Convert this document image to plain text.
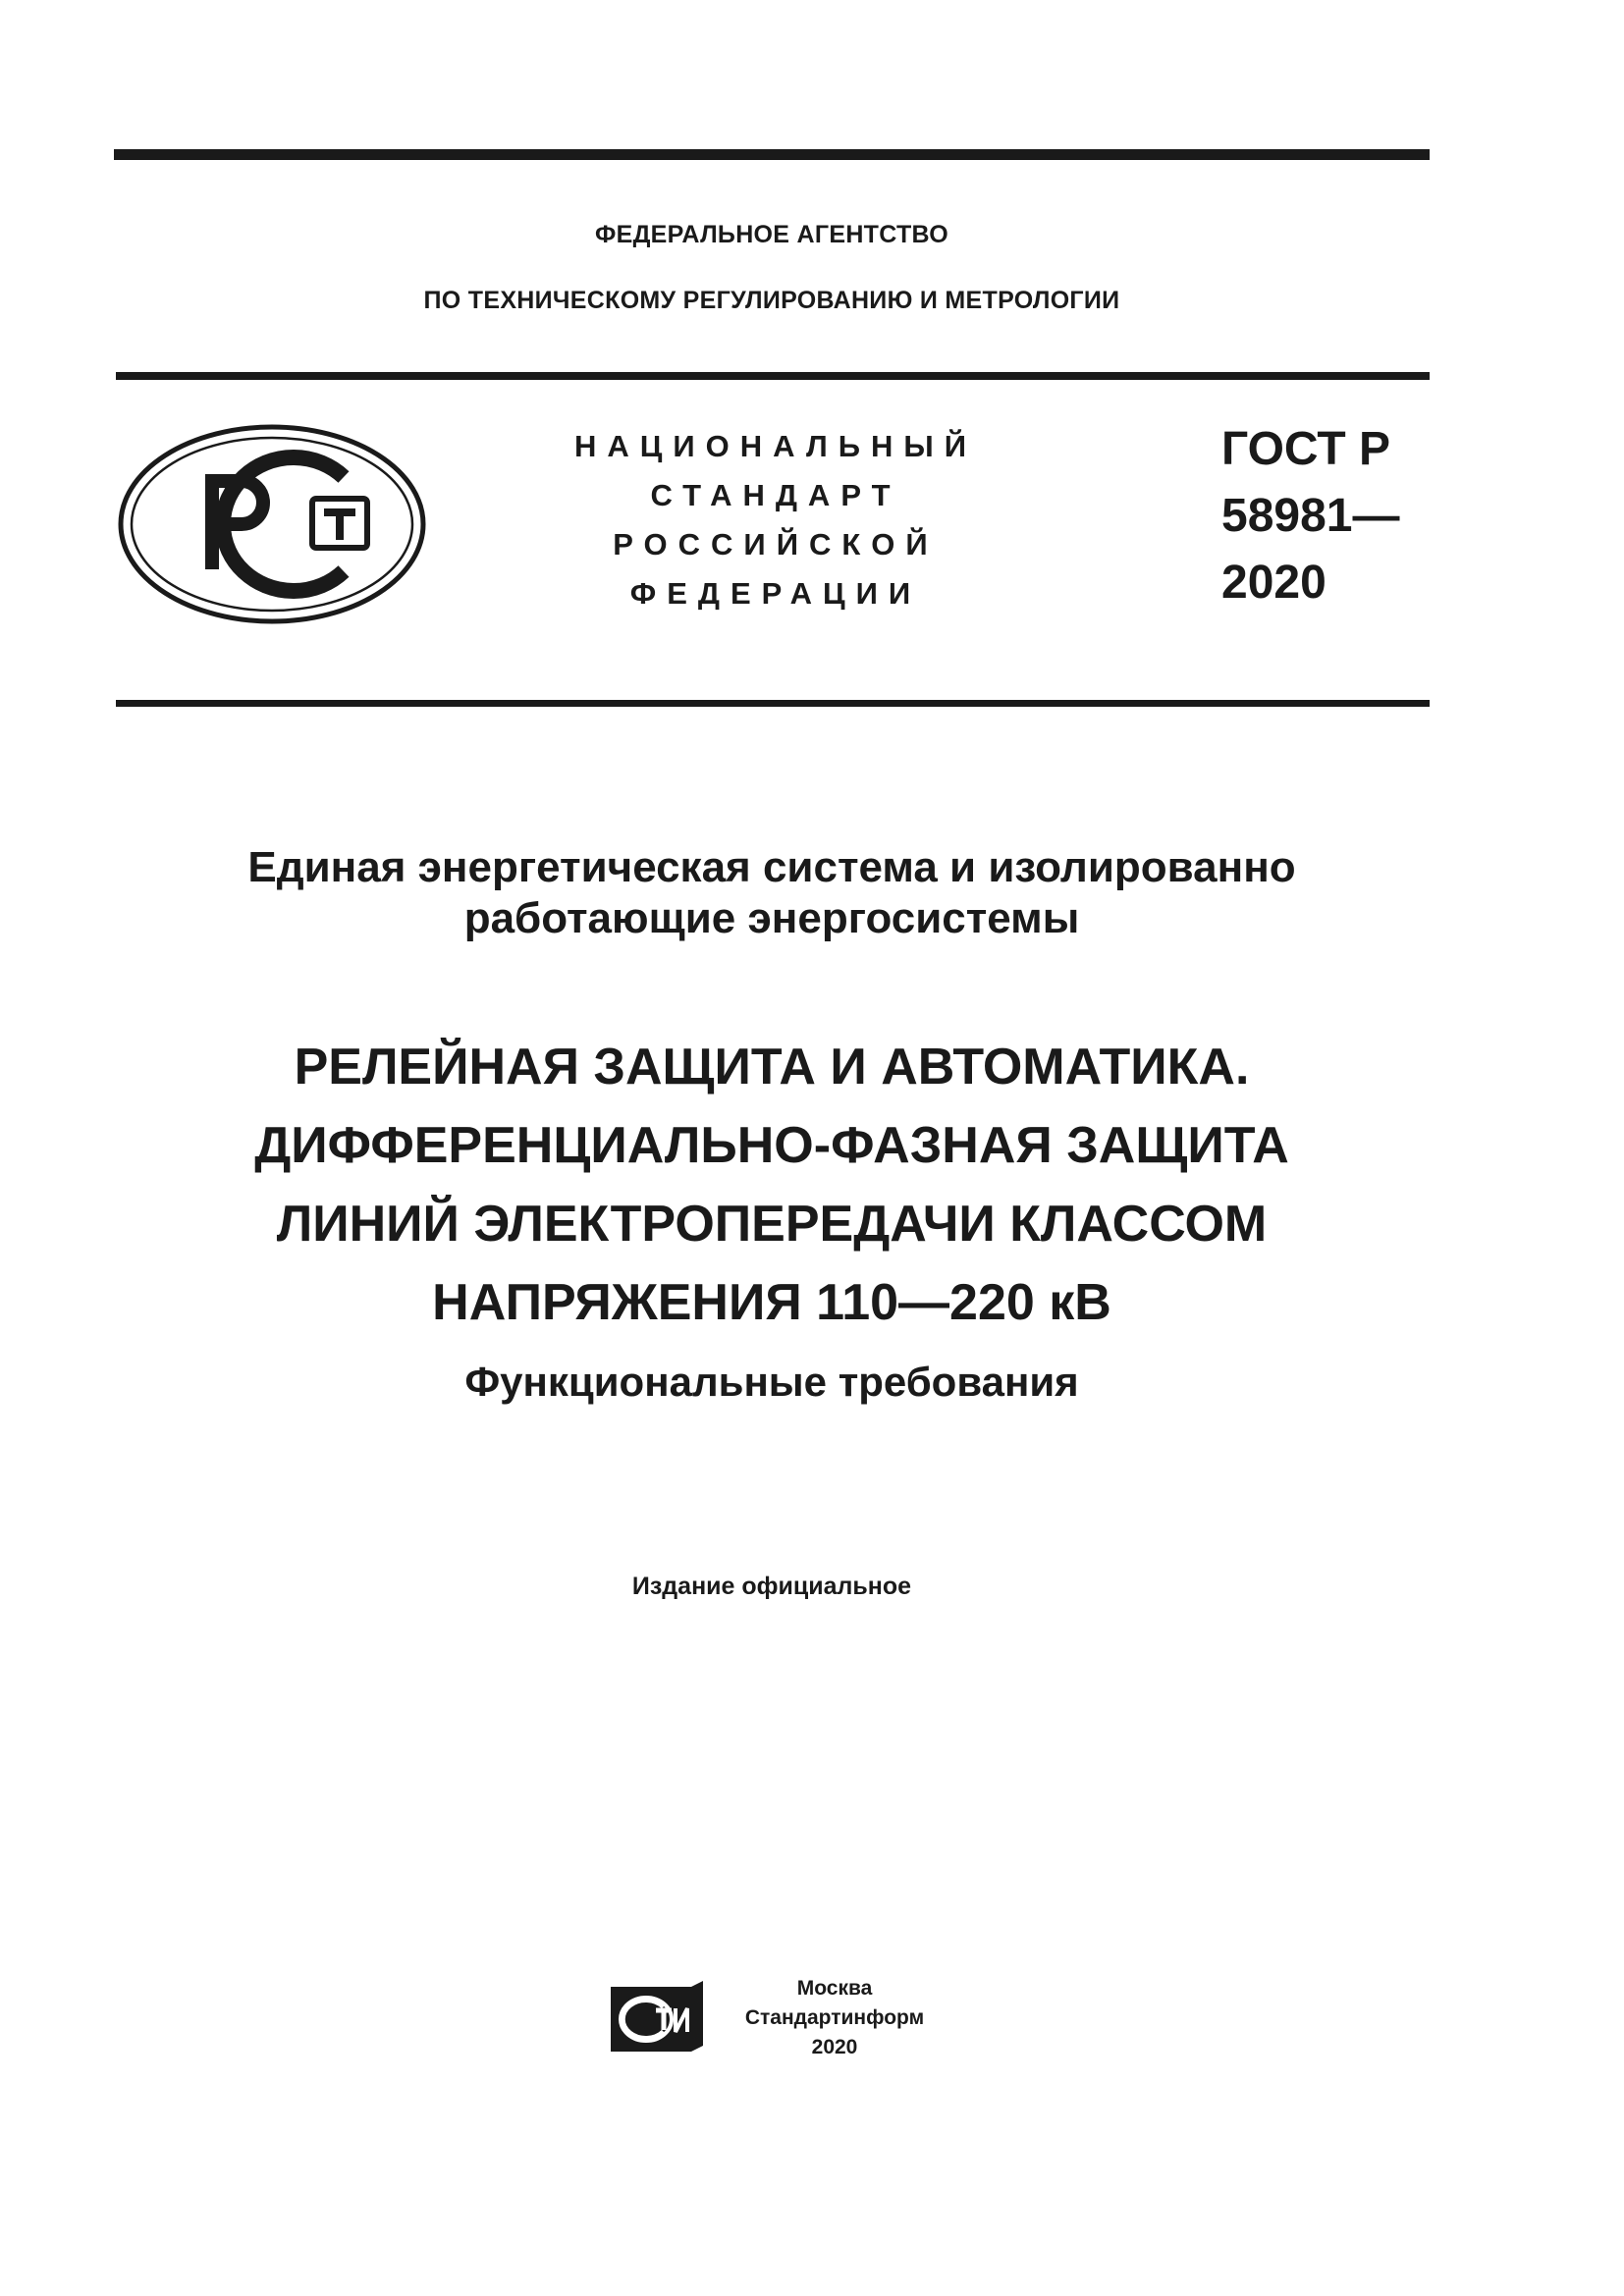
ФЕДЕРАЛЬНОЕ АГЕНТСТВО
ПО ТЕХНИЧЕСКОМУ РЕГУЛИРОВАНИЮ И МЕТРОЛОГИИ
НАЦИОНАЛЬНЫЙ
СТАНДАРТ
РОССИЙСКОЙ
ФЕДЕРАЦИИ
ГОСТ Р
58981—
2020
Единая энергетическая система и изолированно
работающие энергосистемы
РЕЛЕЙНАЯ ЗАЩИТА И АВТОМАТИКА.
ДИФФЕРЕНЦИАЛЬНО-ФАЗНАЯ ЗАЩИТА
ЛИНИЙ ЭЛЕКТРОПЕРЕДАЧИ КЛАССОМ
НАПРЯЖЕНИЯ 110—220 кВ
Функциональные требования
Издание официальное
Москва
Стандартинформ
2020
